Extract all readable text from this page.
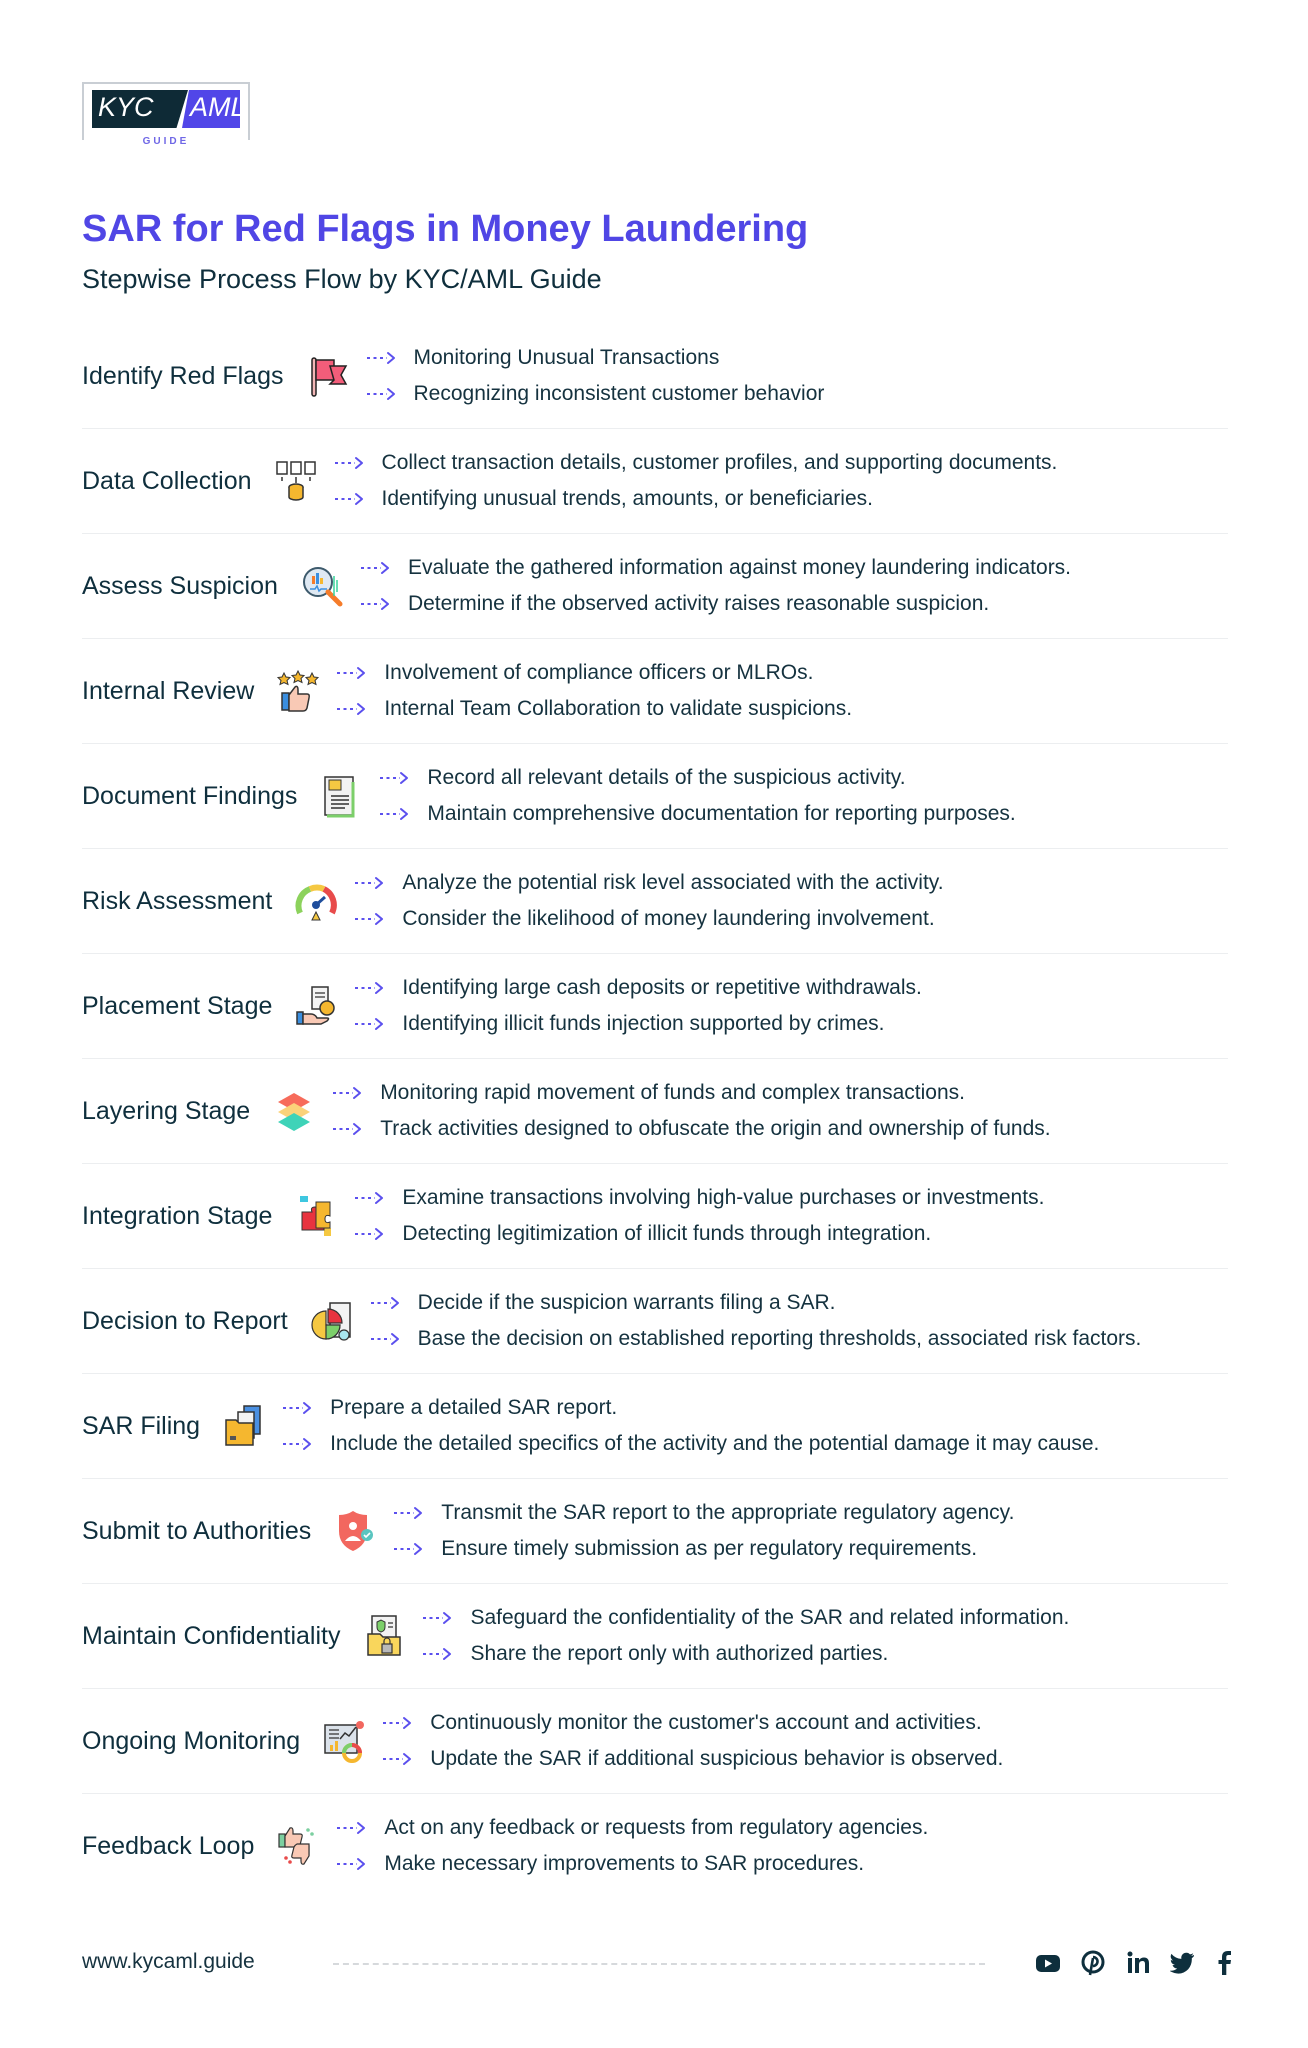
KYC AML
GUIDE
SAR for Red Flags in Money Laundering
Stepwise Process Flow by KYC/AML Guide
Identify Red Flags
Monitoring Unusual Transactions
Recognizing inconsistent customer behavior
Data Collection
Collect transaction details, customer profiles, and supporting documents.
Identifying unusual trends, amounts, or beneficiaries.
Assess Suspicion
Evaluate the gathered information against money laundering indicators.
Determine if the observed activity raises reasonable suspicion.
Internal Review
Involvement of compliance officers or MLROs.
Internal Team Collaboration to validate suspicions.
Document Findings
Record all relevant details of the suspicious activity.
Maintain comprehensive documentation for reporting purposes.
Risk Assessment
Analyze the potential risk level associated with the activity.
Consider the likelihood of money laundering involvement.
Placement Stage
Identifying large cash deposits or repetitive withdrawals.
Identifying illicit funds injection supported by crimes.
Layering Stage
Monitoring rapid movement of funds and complex transactions.
Track activities designed to obfuscate the origin and ownership of funds.
Integration Stage
Examine transactions involving high-value purchases or investments.
Detecting legitimization of illicit funds through integration.
Decision to Report
Decide if the suspicion warrants filing a SAR.
Base the decision on established reporting thresholds, associated risk factors.
SAR Filing
Prepare a detailed SAR report.
Include the detailed specifics of the activity and the potential damage it may cause.
Submit to Authorities
Transmit the SAR report to the appropriate regulatory agency.
Ensure timely submission as per regulatory requirements.
Maintain Confidentiality
Safeguard the confidentiality of the SAR and related information.
Share the report only with authorized parties.
Ongoing Monitoring
Continuously monitor the customer's account and activities.
Update the SAR if additional suspicious behavior is observed.
Feedback Loop
Act on any feedback or requests from regulatory agencies.
Make necessary improvements to SAR procedures.
www.kycaml.guide
